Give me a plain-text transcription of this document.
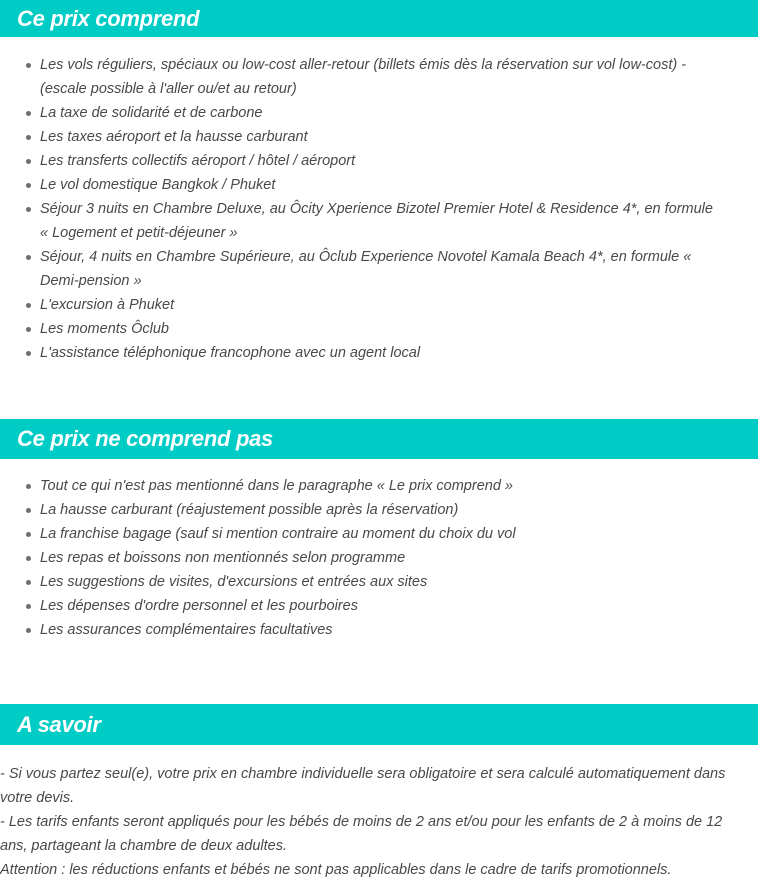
Ce prix comprend
Les vols réguliers, spéciaux ou low-cost aller-retour (billets émis dès la réservation sur vol low-cost) - (escale possible à l'aller ou/et au retour)
La taxe de solidarité et de carbone
Les taxes aéroport et la hausse carburant
Les transferts collectifs aéroport / hôtel / aéroport
Le vol domestique Bangkok / Phuket
Séjour 3 nuits en Chambre Deluxe, au Ôcity Xperience Bizotel Premier Hotel & Residence 4*, en formule « Logement et petit-déjeuner »
Séjour, 4 nuits en Chambre Supérieure, au Ôclub Experience Novotel Kamala Beach 4*, en formule « Demi-pension »
L'excursion à Phuket
Les moments Ôclub
L'assistance téléphonique francophone avec un agent local
Ce prix ne comprend pas
Tout ce qui n'est pas mentionné dans le paragraphe « Le prix comprend »
La hausse carburant (réajustement possible après la réservation)
La franchise bagage (sauf si mention contraire au moment du choix du vol
Les repas et boissons non mentionnés selon programme
Les suggestions de visites, d'excursions et entrées aux sites
Les dépenses d'ordre personnel et les pourboires
Les assurances complémentaires facultatives
A savoir

- Si vous partez seul(e), votre prix en chambre individuelle sera obligatoire et sera calculé automatiquement dans votre devis.

- Les tarifs enfants seront appliqués pour les bébés de moins de 2 ans et/ou pour les enfants de 2 à moins de 12 ans, partageant la chambre de deux adultes.

Attention : les réductions enfants et bébés ne sont pas applicables dans le cadre de tarifs promotionnels.
